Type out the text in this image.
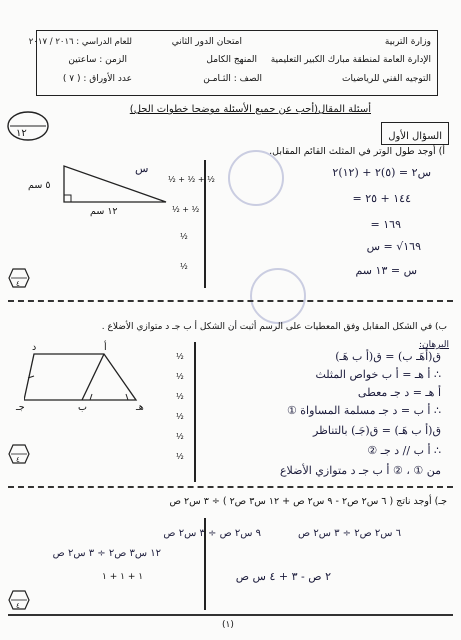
وزارة التربية
الإدارة العامة لمنطقة مبارك الكبير التعليمية
التوجيه الفني للرياضيات
امتحان الدور الثاني
للعام الدراسي : ٢٠١٦ / ٢٠١٧
المنهج الكامل
الزمن : ساعتين
الصف : الثـامـن
عدد الأوراق : ( ٧ )
أسئلة المقال(أجب عن جميع الأسئلة موضحا خطوات الحل)
١٢	السؤال الأول
أ) أوجد طول الوتر في المثلث القائم المقابل.
س
٥ سم
١٢ سم
س٢ = (٥)٢ + (١٢)٢
١٤٤ + ٢٥ =
١٦٩ =
١٦٩√ = س
س = ١٣ سم
½ + ½ + ½
½ + ½
½
½
٤
ب) في الشكل المقابل وفق المعطيات على الرسم أثبت أن الشكل أ ب جـ د متوازي الأضلاع .
البرهان:
د	أ
جـ	ب	هـ
ق(أهَـ ب) = ق(أ ب هَـ)
∴ أ هـ = أ ب خواص المثلث
أ هـ = د جـ معطى
∴ أ ب = د جـ مسلمة المساواة ①
ق(أ ب هَـ) = ق(جَـ) بالتناظر
∴ أ ب // د جـ ②
من ① ، ② أ ب جـ د متوازي الأضلاع
½
½
½
½
½
½
٤
جـ) أوجد ناتج ( ٦ س٢ ص٢ - ٩ س٢ ص + ١٢ س٣ ص٢ ) ÷ ٣ س٢ ص
٦ س٢ ص٢ ÷ ٣ س٢ ص
٩ س٢ ص ÷ ٣ س٢ ص
١٢ س٣ ص٢ ÷ ٣ س٢ ص
٢ ص - ٣ + ٤ س ص
١ + ١ + ١
٤
(١)
